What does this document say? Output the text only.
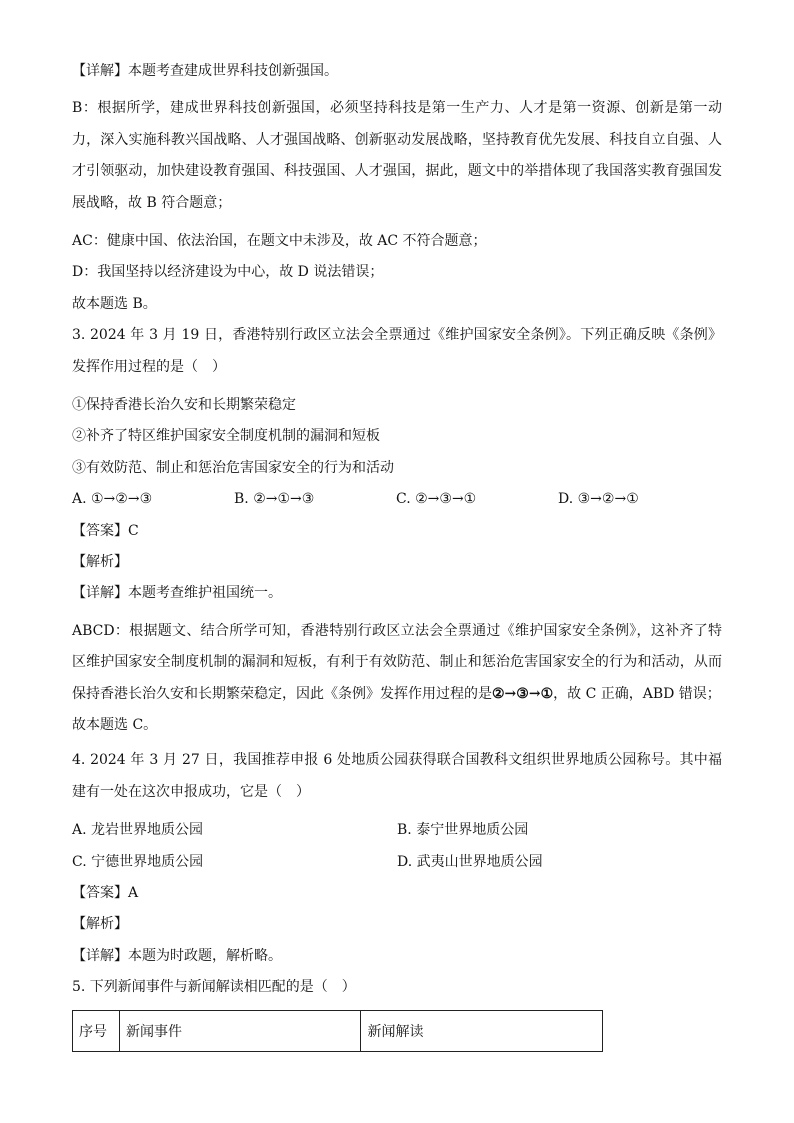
【详解】本题考查建成世界科技创新强国。
B：根据所学，建成世界科技创新强国，必须坚持科技是第一生产力、人才是第一资源、创新是第一动力，深入实施科教兴国战略、人才强国战略、创新驱动发展战略，坚持教育优先发展、科技自立自强、人才引领驱动，加快建设教育强国、科技强国、人才强国，据此，题文中的举措体现了我国落实教育强国发展战略，故 B 符合题意；
AC：健康中国、依法治国，在题文中未涉及，故 AC 不符合题意；
D：我国坚持以经济建设为中心，故 D 说法错误；
故本题选 B。
3. 2024 年 3 月 19 日，香港特别行政区立法会全票通过《维护国家安全条例》。下列正确反映《条例》发挥作用过程的是（　）
①保持香港长治久安和长期繁荣稳定
②补齐了特区维护国家安全制度机制的漏洞和短板
③有效防范、制止和惩治危害国家安全的行为和活动
A. ①→②→③	B. ②→①→③	C. ②→③→①	D. ③→②→①
【答案】C
【解析】
【详解】本题考查维护祖国统一。
ABCD：根据题文、结合所学可知，香港特别行政区立法会全票通过《维护国家安全条例》，这补齐了特区维护国家安全制度机制的漏洞和短板，有利于有效防范、制止和惩治危害国家安全的行为和活动，从而保持香港长治久安和长期繁荣稳定，因此《条例》发挥作用过程的是②→③→①，故 C 正确，ABD 错误；
故本题选 C。
4. 2024 年 3 月 27 日，我国推荐申报 6 处地质公园获得联合国教科文组织世界地质公园称号。其中福建有一处在这次申报成功，它是（　）
A. 龙岩世界地质公园	B. 泰宁世界地质公园
C. 宁德世界地质公园	D. 武夷山世界地质公园
【答案】A
【解析】
【详解】本题为时政题，解析略。
5. 下列新闻事件与新闻解读相匹配的是（　）
序号	新闻事件	新闻解读
